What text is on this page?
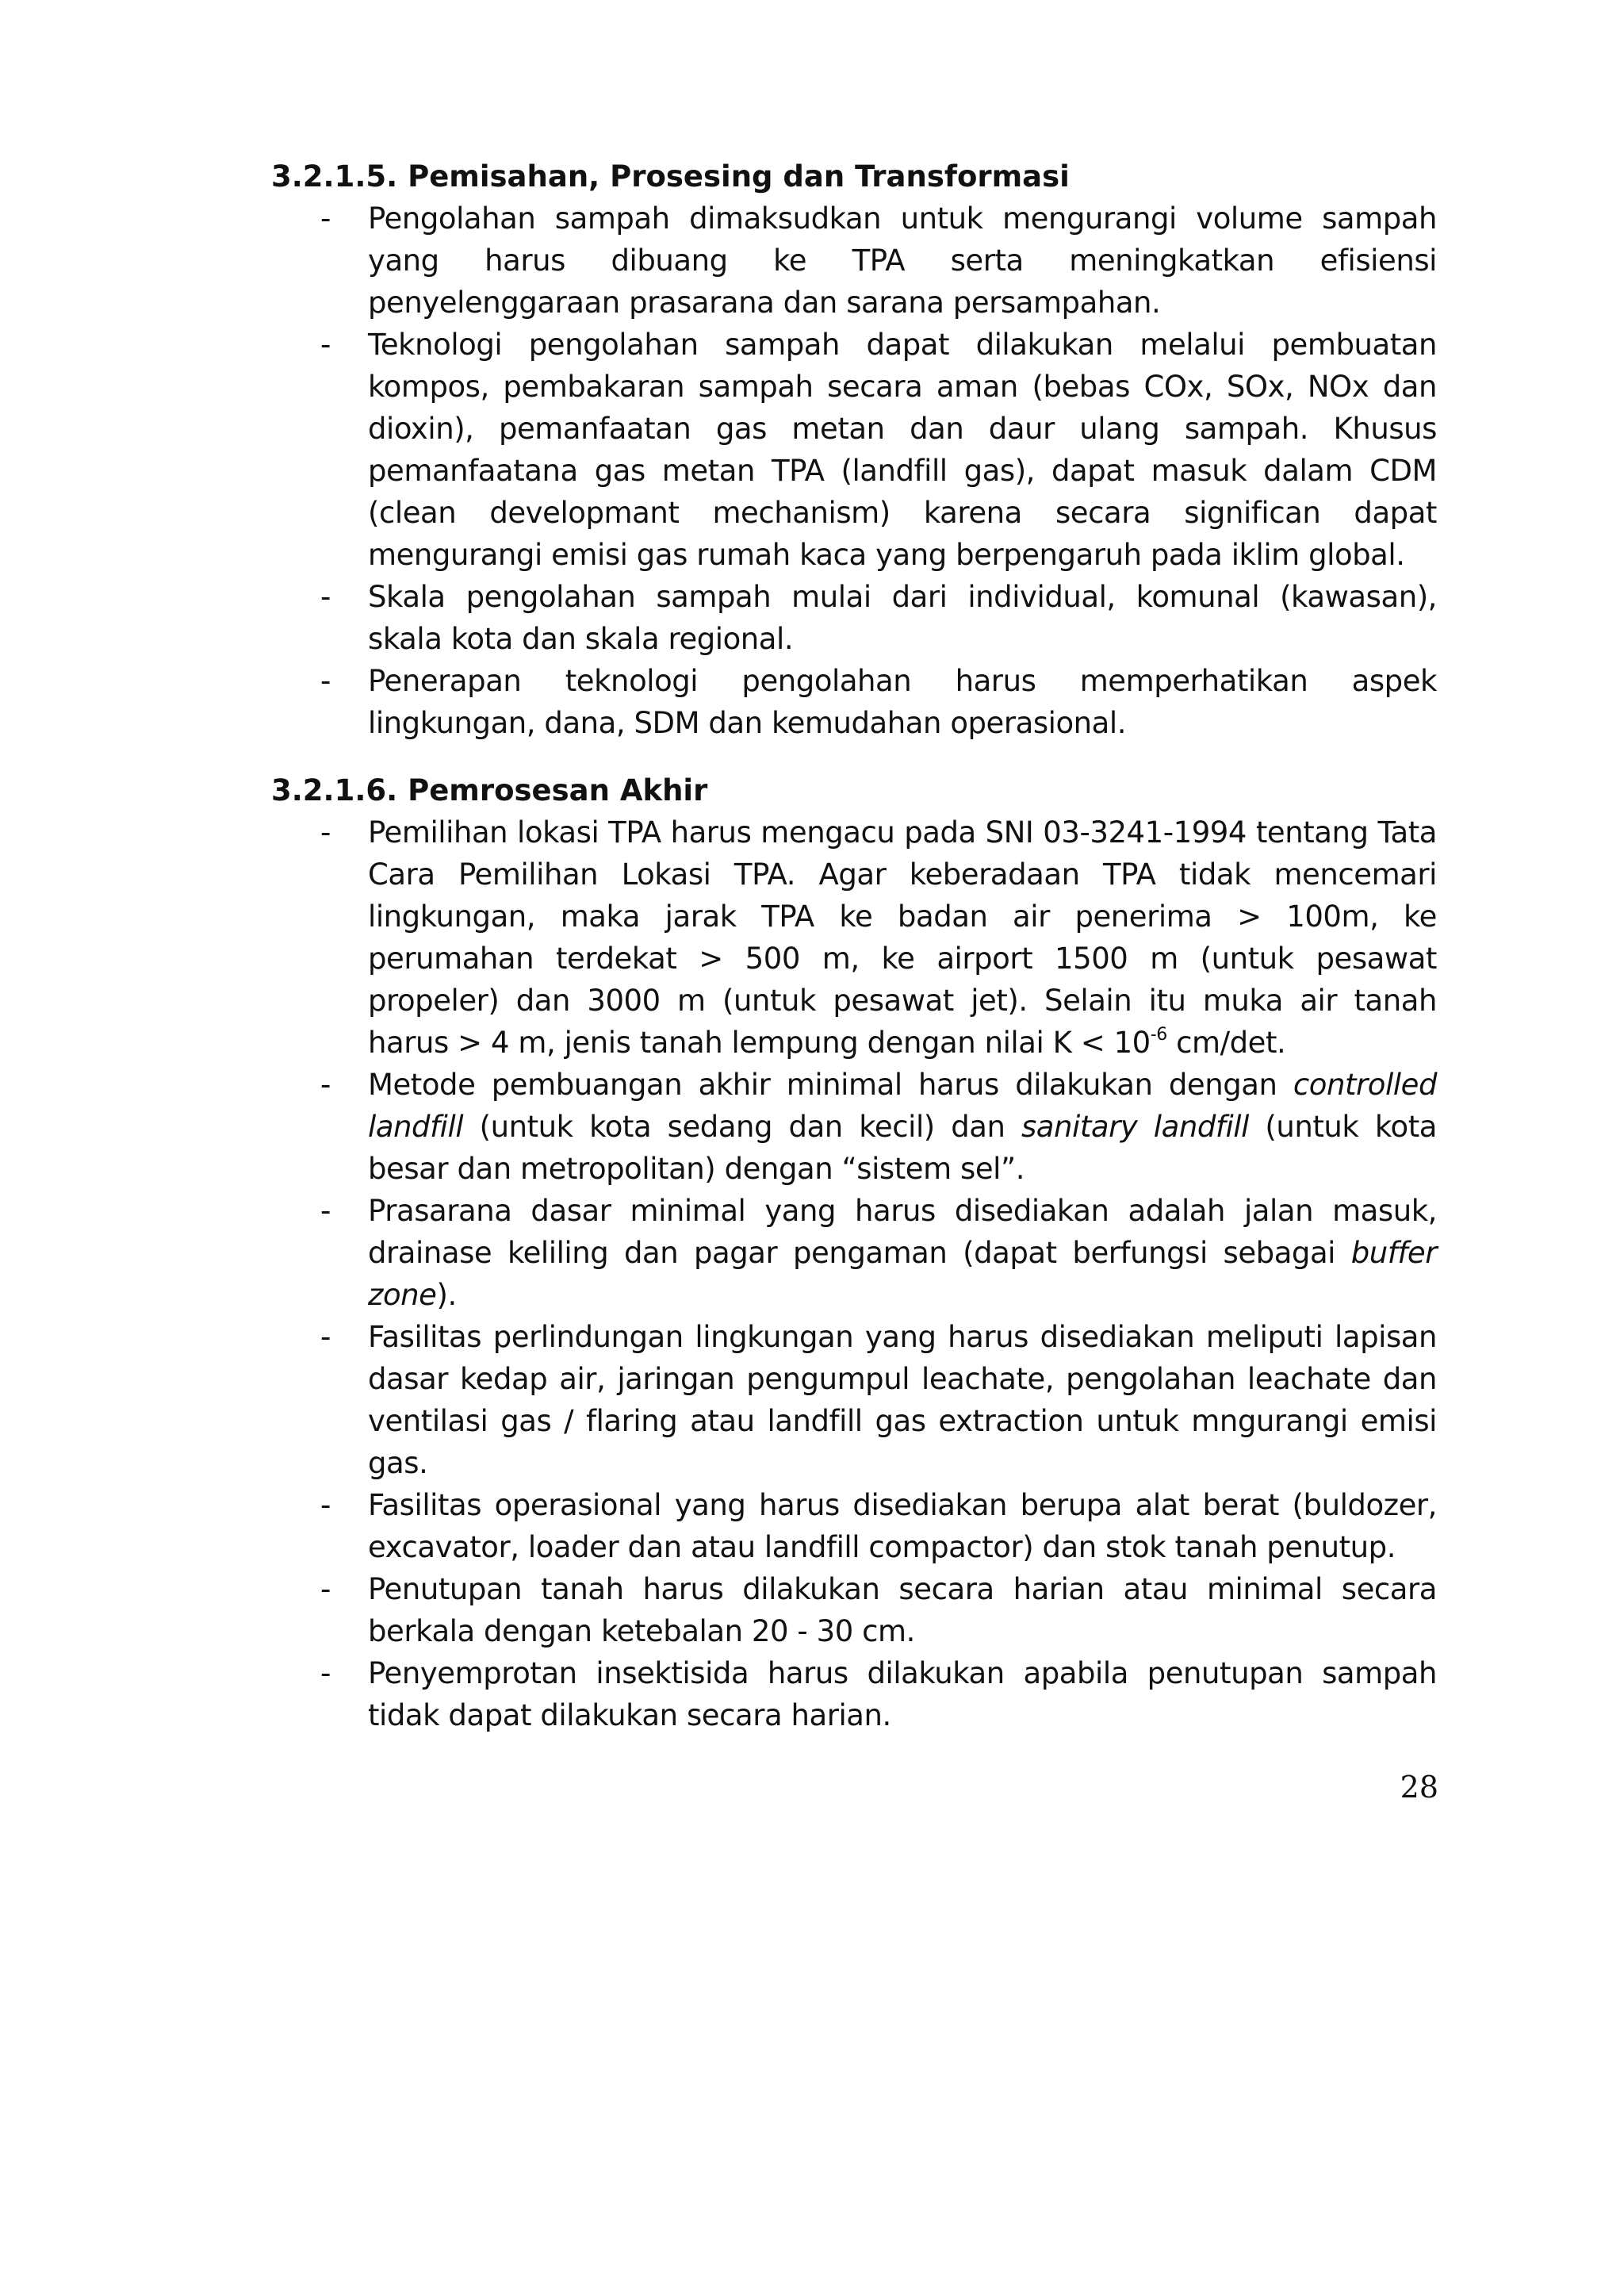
3.2.1.5. Pemisahan, Prosesing dan Transformasi
- Pengolahan sampah dimaksudkan untuk mengurangi volume sampah yang harus dibuang ke TPA serta meningkatkan efisiensi penyelenggaraan prasarana dan sarana persampahan.
- Teknologi pengolahan sampah dapat dilakukan melalui pembuatan kompos, pembakaran sampah secara aman (bebas COx, SOx, NOx dan dioxin), pemanfaatan gas metan dan daur ulang sampah. Khusus pemanfaatana gas metan TPA (landfill gas), dapat masuk dalam CDM (clean developmant mechanism) karena secara significan dapat mengurangi emisi gas rumah kaca yang berpengaruh pada iklim global.
- Skala pengolahan sampah mulai dari individual, komunal (kawasan), skala kota dan skala regional.
- Penerapan teknologi pengolahan harus memperhatikan aspek lingkungan, dana, SDM dan kemudahan operasional.
3.2.1.6. Pemrosesan Akhir
- Pemilihan lokasi TPA harus mengacu pada SNI 03-3241-1994 tentang Tata Cara Pemilihan Lokasi TPA. Agar keberadaan TPA tidak mencemari lingkungan, maka jarak TPA ke badan air penerima > 100m, ke perumahan terdekat > 500 m, ke airport 1500 m (untuk pesawat propeler) dan 3000 m (untuk pesawat jet). Selain itu muka air tanah harus > 4 m, jenis tanah lempung dengan nilai $K < 10^{-6}$ cm/det.
- Metode pembuangan akhir minimal harus dilakukan dengan controlled landfill (untuk kota sedang dan kecil) dan sanitary landfill (untuk kota besar dan metropolitan) dengan “sistem sel”.
- Prasarana dasar minimal yang harus disediakan adalah jalan masuk, drainase keliling dan pagar pengaman (dapat berfungsi sebagai buffer zone).
- Fasilitas perlindungan lingkungan yang harus disediakan meliputi lapisan dasar kedap air, jaringan pengumpul leachate, pengolahan leachate dan ventilasi gas / flaring atau landfill gas extraction untuk mngurangi emisi gas.
- Fasilitas operasional yang harus disediakan berupa alat berat (buldozer, excavator, loader dan atau landfill compactor) dan stok tanah penutup.
- Penutupan tanah harus dilakukan secara harian atau minimal secara berkala dengan ketebalan 20 - 30 cm.
- Penyemprotan insektisida harus dilakukan apabila penutupan sampah tidak dapat dilakukan secara harian.
28
